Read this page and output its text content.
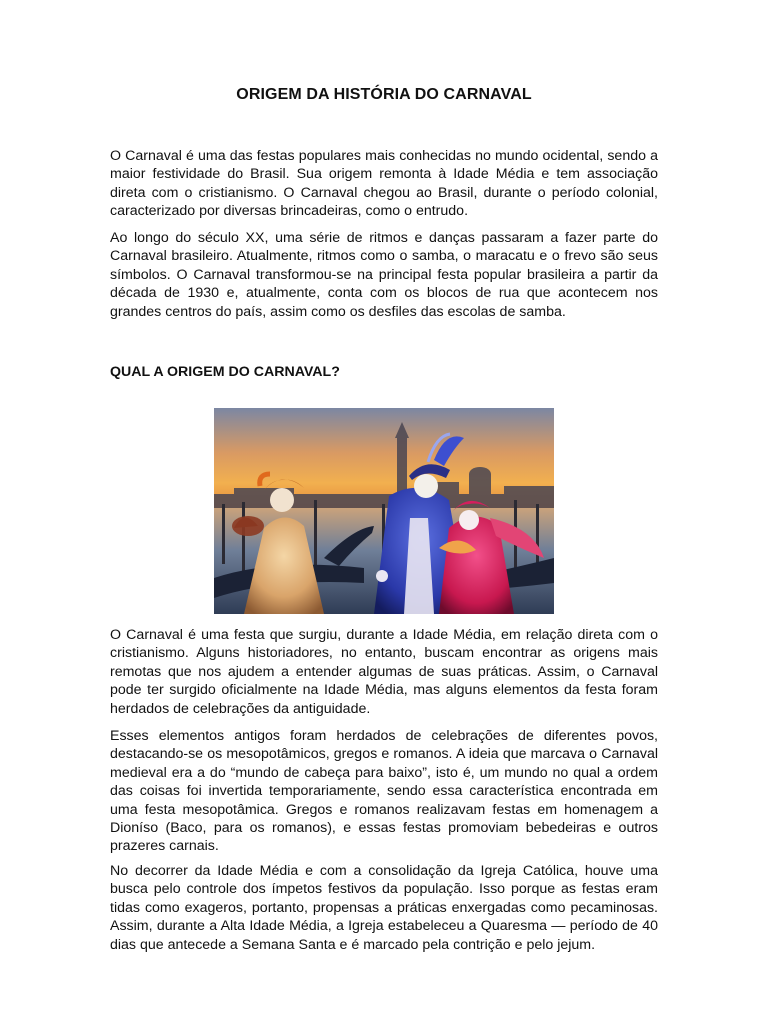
ORIGEM DA HISTÓRIA DO CARNAVAL

O Carnaval é uma das festas populares mais conhecidas no mundo ocidental, sendo a maior festividade do Brasil. Sua origem remonta à Idade Média e tem associação direta com o cristianismo. O Carnaval chegou ao Brasil, durante o período colonial, caracterizado por diversas brincadeiras, como o entrudo.

Ao longo do século XX, uma série de ritmos e danças passaram a fazer parte do Carnaval brasileiro. Atualmente, ritmos como o samba, o maracatu e o frevo são seus símbolos. O Carnaval transformou-se na principal festa popular brasileira a partir da década de 1930 e, atualmente, conta com os blocos de rua que acontecem nos grandes centros do país, assim como os desfiles das escolas de samba.

QUAL A ORIGEM DO CARNAVAL?

O Carnaval é uma festa que surgiu, durante a Idade Média, em relação direta com o cristianismo. Alguns historiadores, no entanto, buscam encontrar as origens mais remotas que nos ajudem a entender algumas de suas práticas. Assim, o Carnaval pode ter surgido oficialmente na Idade Média, mas alguns elementos da festa foram herdados de celebrações da antiguidade.

Esses elementos antigos foram herdados de celebrações de diferentes povos, destacando-se os mesopotâmicos, gregos e romanos. A ideia que marcava o Carnaval medieval era a do “mundo de cabeça para baixo”, isto é, um mundo no qual a ordem das coisas foi invertida temporariamente, sendo essa característica encontrada em uma festa mesopotâmica. Gregos e romanos realizavam festas em homenagem a Dioníso (Baco, para os romanos), e essas festas promoviam bebedeiras e outros prazeres carnais.

No decorrer da Idade Média e com a consolidação da Igreja Católica, houve uma busca pelo controle dos ímpetos festivos da população. Isso porque as festas eram tidas como exageros, portanto, propensas a práticas enxergadas como pecaminosas. Assim, durante a Alta Idade Média, a Igreja estabeleceu a Quaresma — período de 40 dias que antecede a Semana Santa e é marcado pela contrição e pelo jejum.
